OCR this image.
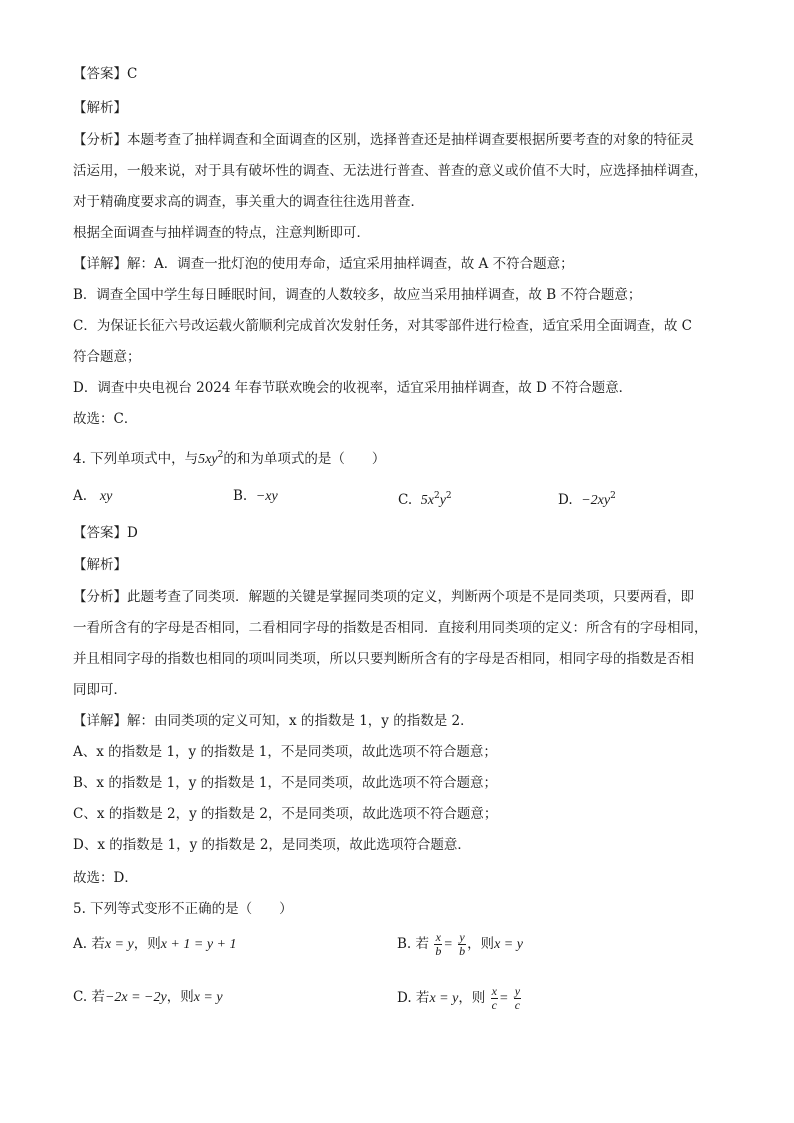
【答案】C
【解析】
【分析】本题考查了抽样调查和全面调查的区别，选择普查还是抽样调查要根据所要考查的对象的特征灵
活运用，一般来说，对于具有破坏性的调查、无法进行普查、普查的意义或价值不大时，应选择抽样调查，
对于精确度要求高的调查，事关重大的调查往往选用普查．
根据全面调查与抽样调查的特点，注意判断即可．
【详解】解：A．调查一批灯泡的使用寿命，适宜采用抽样调查，故 A 不符合题意；
B．调查全国中学生每日睡眠时间，调查的人数较多，故应当采用抽样调查，故 B 不符合题意；
C．为保证长征六号改运载火箭顺利完成首次发射任务，对其零部件进行检查，适宜采用全面调查，故 C
符合题意；
D．调查中央电视台 2024 年春节联欢晚会的收视率，适宜采用抽样调查，故 D 不符合题意．
故选：C．
4. 下列单项式中，与$5xy^2$的和为单项式的是（　　）
A. xy	B. −xy	C. $5x^2y^2$	D. $-2xy^2$
【答案】D
【解析】
【分析】此题考查了同类项．解题的关键是掌握同类项的定义，判断两个项是不是同类项，只要两看，即
一看所含有的字母是否相同，二看相同字母的指数是否相同．直接利用同类项的定义：所含有的字母相同，
并且相同字母的指数也相同的项叫同类项，所以只要判断所含有的字母是否相同，相同字母的指数是否相
同即可．
【详解】解：由同类项的定义可知，x 的指数是 1，y 的指数是 2．
A、x 的指数是 1，y 的指数是 1，不是同类项，故此选项不符合题意；
B、x 的指数是 1，y 的指数是 1，不是同类项，故此选项不符合题意；
C、x 的指数是 2，y 的指数是 2，不是同类项，故此选项不符合题意；
D、x 的指数是 1，y 的指数是 2，是同类项，故此选项符合题意．
故选：D．
5. 下列等式变形不正确的是（　　）
A. 若x = y，则x + 1 = y + 1	B. 若 $\frac{x}{b} = \frac{y}{b}$ ，则x = y
C. 若−2x = −2y，则x = y	D. 若x = y，则 $\frac{x}{c} = \frac{y}{c}$
